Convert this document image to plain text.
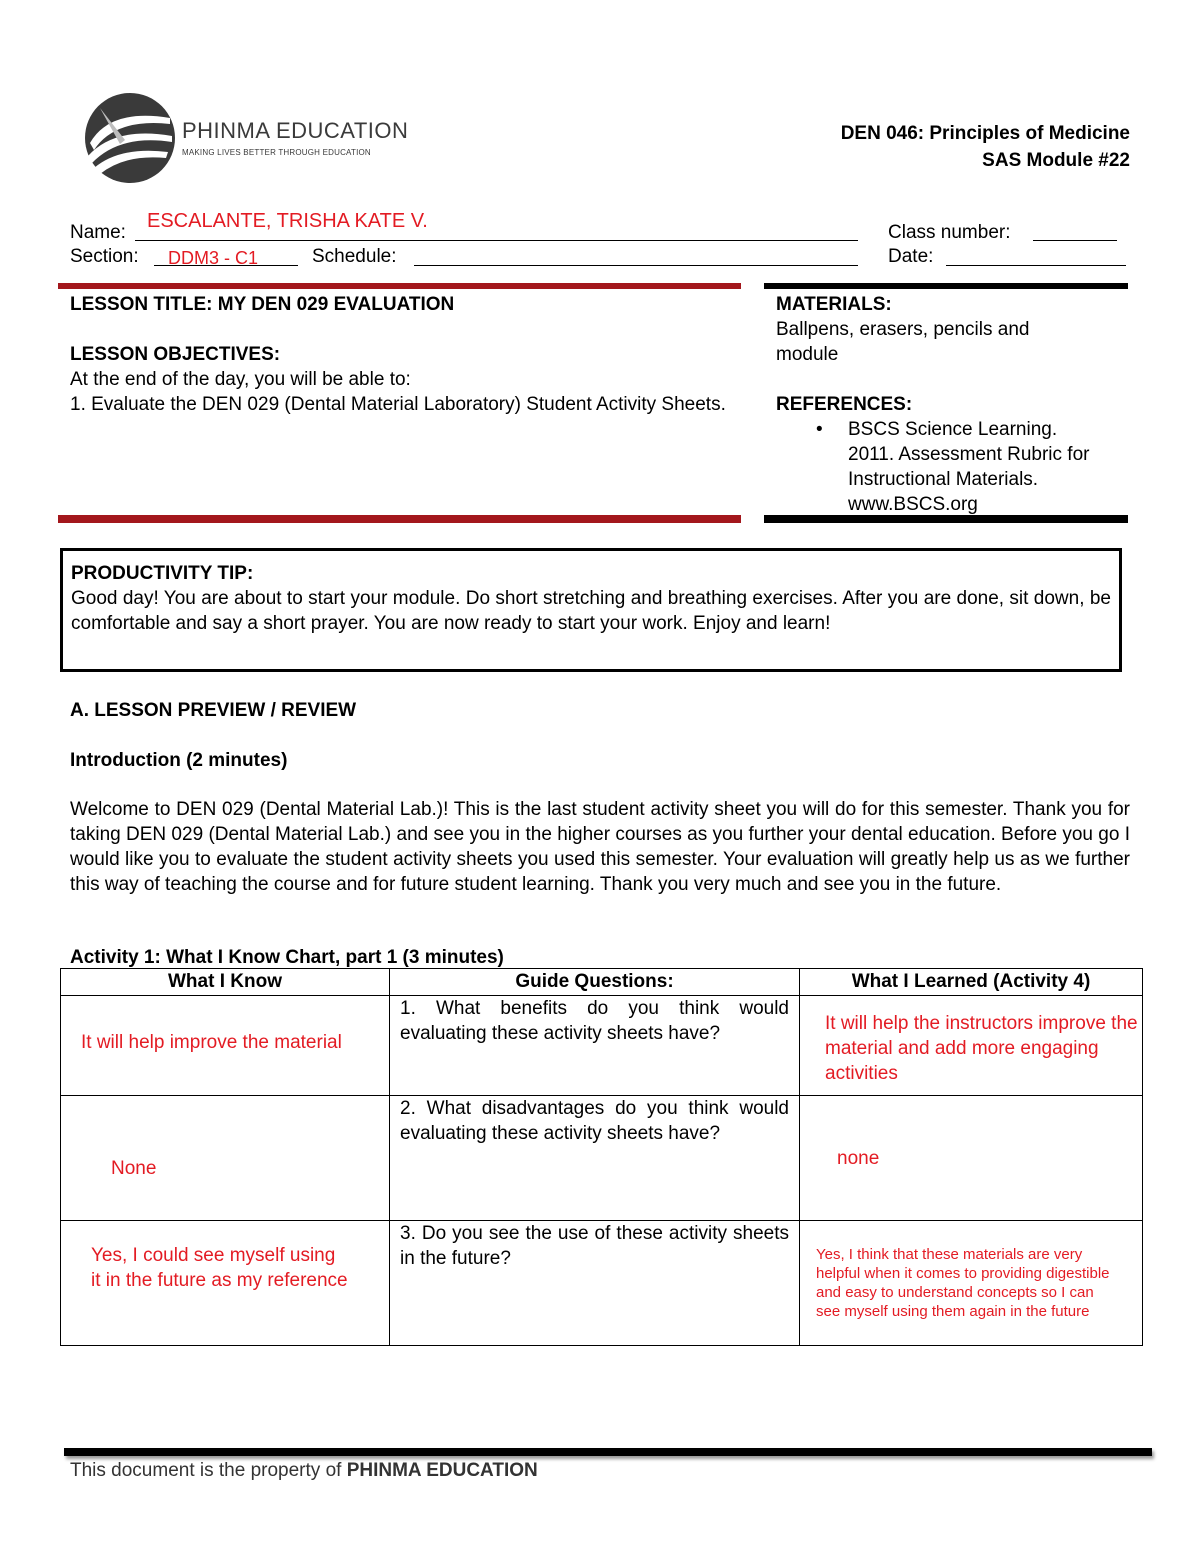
PHINMA EDUCATION
MAKING LIVES BETTER THROUGH EDUCATION
DEN 046: Principles of Medicine
SAS Module #22
Name:
ESCALANTE, TRISHA KATE V.
Class number:
Section: DDM3 - C1	Schedule:	Date:
LESSON TITLE: MY DEN 029 EVALUATION
LESSON OBJECTIVES:
At the end of the day, you will be able to:
1. Evaluate the DEN 029 (Dental Material Laboratory) Student Activity Sheets.
MATERIALS:
Ballpens, erasers, pencils and module
REFERENCES:
•	BSCS Science Learning. 2011. Assessment Rubric for Instructional Materials. www.BSCS.org
PRODUCTIVITY TIP:
Good day! You are about to start your module. Do short stretching and breathing exercises. After you are done, sit down, be comfortable and say a short prayer. You are now ready to start your work. Enjoy and learn!
A. LESSON PREVIEW / REVIEW
Introduction (2 minutes)
Welcome to DEN 029 (Dental Material Lab.)! This is the last student activity sheet you will do for this semester. Thank you for taking DEN 029 (Dental Material Lab.) and see you in the higher courses as you further your dental education. Before you go I would like you to evaluate the student activity sheets you used this semester. Your evaluation will greatly help us as we further this way of teaching the course and for future student learning. Thank you very much and see you in the future.
Activity 1: What I Know Chart, part 1 (3 minutes)
What I Know	Guide Questions:	What I Learned (Activity 4)
It will help improve the material	1. What benefits do you think would evaluating these activity sheets have?	It will help the instructors improve the material and add more engaging activities

None	2. What disadvantages do you think would evaluating these activity sheets have?	none
Yes, I could see myself using it in the future as my reference	3. Do you see the use of these activity sheets in the future?	Yes, I think that these materials are very helpful when it comes to providing digestible and easy to understand concepts so I can see myself using them again in the future
This document is the property of PHINMA EDUCATION
